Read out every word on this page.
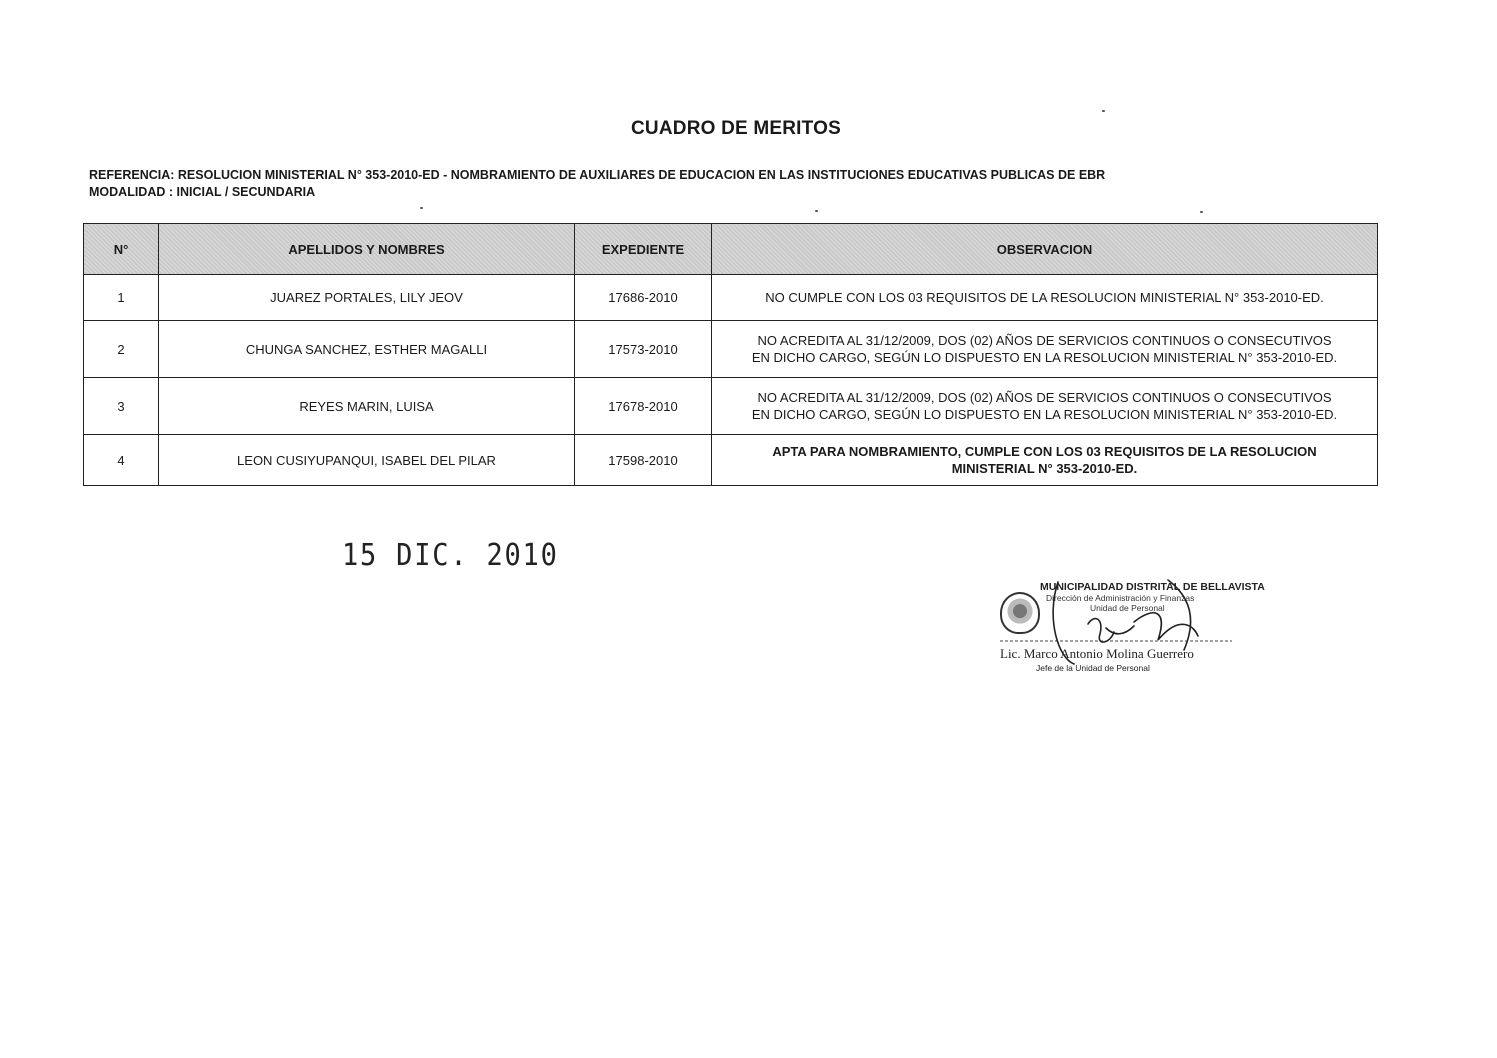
CUADRO DE MERITOS
REFERENCIA: RESOLUCION MINISTERIAL N° 353-2010-ED - NOMBRAMIENTO DE AUXILIARES DE EDUCACION EN LAS INSTITUCIONES EDUCATIVAS PUBLICAS DE EBR
MODALIDAD : INICIAL / SECUNDARIA
N°	APELLIDOS Y NOMBRES	EXPEDIENTE	OBSERVACION
1	JUAREZ PORTALES, LILY JEOV	17686-2010	NO CUMPLE CON LOS 03 REQUISITOS DE LA RESOLUCION MINISTERIAL N° 353-2010-ED.

2	CHUNGA SANCHEZ, ESTHER MAGALLI	17573-2010	NO ACREDITA AL 31/12/2009, DOS (02) AÑOS DE SERVICIOS CONTINUOS O CONSECUTIVOS
EN DICHO CARGO, SEGÚN LO DISPUESTO EN LA RESOLUCION MINISTERIAL N° 353-2010-ED.

3	REYES MARIN, LUISA	17678-2010	NO ACREDITA AL 31/12/2009, DOS (02) AÑOS DE SERVICIOS CONTINUOS O CONSECUTIVOS
EN DICHO CARGO, SEGÚN LO DISPUESTO EN LA RESOLUCION MINISTERIAL N° 353-2010-ED.

4	LEON CUSIYUPANQUI, ISABEL DEL PILAR	17598-2010	APTA PARA NOMBRAMIENTO, CUMPLE CON LOS 03 REQUISITOS DE LA RESOLUCION
MINISTERIAL N° 353-2010-ED.
15 DIC. 2010
MUNICIPALIDAD DISTRITAL DE BELLAVISTA
Dirección de Administración y Finanzas
Unidad de Personal
Lic. Marco Antonio Molina Guerrero
Jefe de la Unidad de Personal
